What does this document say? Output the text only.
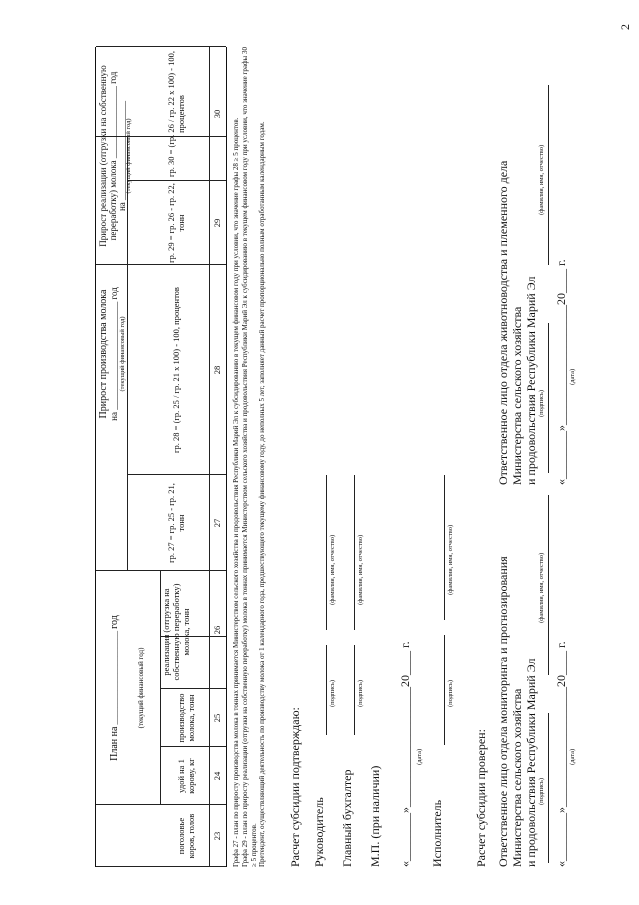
2
План на ______________________ год
(текущий финансовый год)
Прирост производства молока на ________________________ год
(текущий финансовый год)
Прирост реализации (отгрузки на собственную переработку) молока ________________ год
на ______________________
(текущий финансовый год)
поголовье коров, голов
удой на 1 корову, кг
производство молока, тонн
реализация (отгрузка на собственную переработку) молока, тонн
гр. 27 = гр. 25 - гр. 21, тонн
гр. 28 = (гр. 25 / гр. 21 x 100) - 100, процентов
гр. 29 = гр. 26 - гр. 22, тонн
гр. 30 = (гр. 26 / гр. 22 x 100) - 100, процентов
23
24
25
26
27
28
29
30

Графа 27 - план по приросту производства молока в тоннах принимается Министерством сельского хозяйства и продовольствия Республики Марий Эл к субсидированию в текущем финансовом году при условии, что значение графы 28 ≥ 5 процентов. Графа 29 - план по приросту реализации (отгрузки на собственную переработку) молока в тоннах принимается Министерством сельского хозяйства и продовольствия Республики Марий Эл к субсидированию в текущем финансовом году при условии, что значение графы 30 ≥ 5 процентов. Претендент, осуществляющий деятельность по производству молока от 1 календарного года, предшествующего текущему финансовому году, до неполных 5 лет, заполняет данный расчет пропорционально полным отработанным календарным годам. Расчет субсидии подтверждаю: Руководитель
(подпись)
(фамилия, имя, отчество)
Главный бухгалтер
(подпись)
(фамилия, имя, отчество)
М.П. (при наличии) «________»____________________20____ г.
(дата)
Исполнитель
(подпись)
(фамилия, имя, отчество)
Расчет субсидии проверен: Ответственное лицо отдела мониторинга и прогнозирования Министерства сельского хозяйства и продовольствия Республики Марий Эл
Ответственное лицо отдела животноводства и племенного дела Министерства сельского хозяйства и продовольствия Республики Марий Эл
(подпись)
(фамилия, имя, отчество)
(подпись)
(фамилия, имя, отчество)
«________»____________________20____ г.
(дата)
«________»____________________20____ г.
(дата)
